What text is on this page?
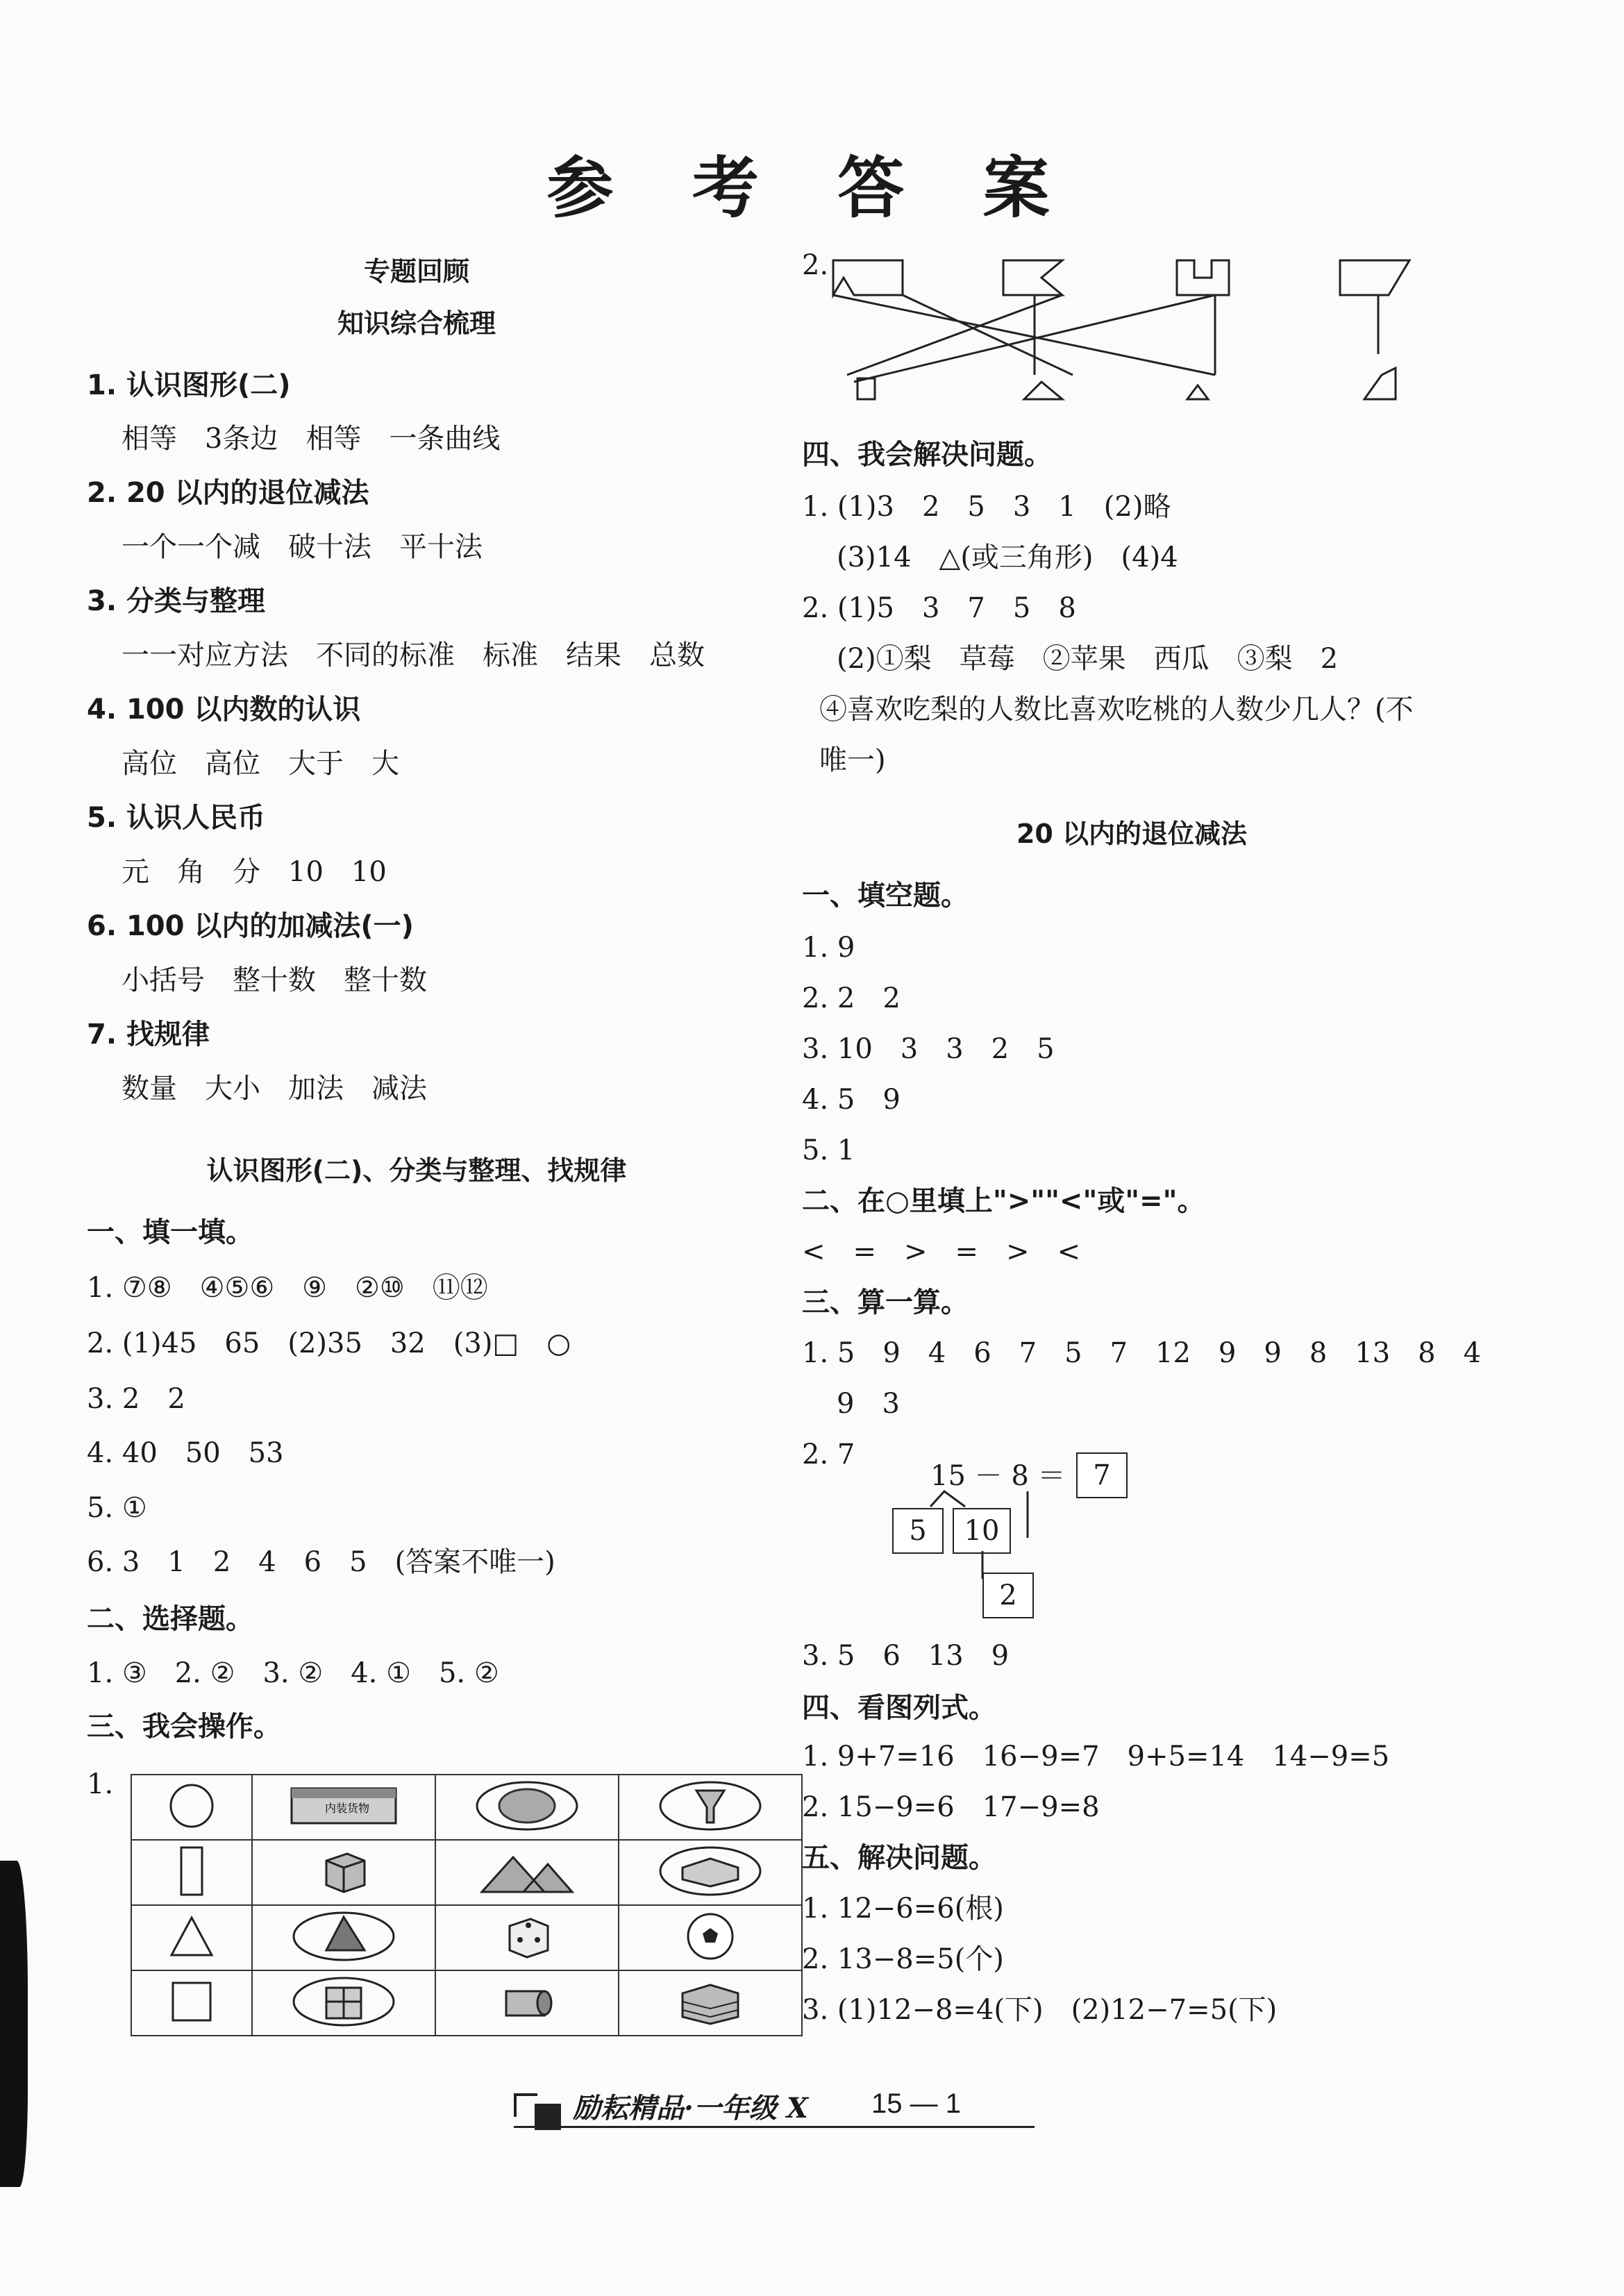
参 考 答 案
专题回顾
知识综合梳理
1. 认识图形(二)
相等　3条边　相等　一条曲线
2. 20 以内的退位减法
一个一个减　破十法　平十法
3. 分类与整理
一一对应方法　不同的标准　标准　结果　总数
4. 100 以内数的认识
高位　高位　大于　大
5. 认识人民币
元　角　分　10　10
6. 100 以内的加减法(一)
小括号　整十数　整十数
7. 找规律
数量　大小　加法　减法
认识图形(二)、分类与整理、找规律
一、填一填。
1. ⑦⑧　④⑤⑥　⑨　②⑩　⑪⑫
2. (1)45　65　(2)35　32　(3)□　○
3. 2　2
4. 40　50　53
5. ①
6. 3　1　2　4　6　5　(答案不唯一)
二、选择题。
1. ③　2. ②　3. ②　4. ①　5. ②
三、我会操作。
1.

内装货物

2.
四、我会解决问题。
1. (1)3　2　5　3　1　(2)略
(3)14　△(或三角形)　(4)4
2. (1)5　3　7　5　8
(2)①梨　草莓　②苹果　西瓜　③梨　2
④喜欢吃梨的人数比喜欢吃桃的人数少几人？(不
唯一)
20 以内的退位减法
一、填空题。
1. 9
2. 2　2
3. 10　3　3　2　5
4. 5　9
5. 1
二、在○里填上">""<"或"="。
<　=　>　=　>　<
三、算一算。
1. 5　9　4　6　7　5　7　12　9　9　8　13　8　4
9　3
2. 7
15 － 8 ＝ 7
5	10
2
3. 5　6　13　9
四、看图列式。
1. 9+7=16　16−9=7　9+5=14　14−9=5
2. 15−9=6　17−9=8
五、解决问题。
1. 12−6=6(根)
2. 13−8=5(个)
3. (1)12−8=4(下)　(2)12−7=5(下)
励耘精品·一年级 X 15 — 1
